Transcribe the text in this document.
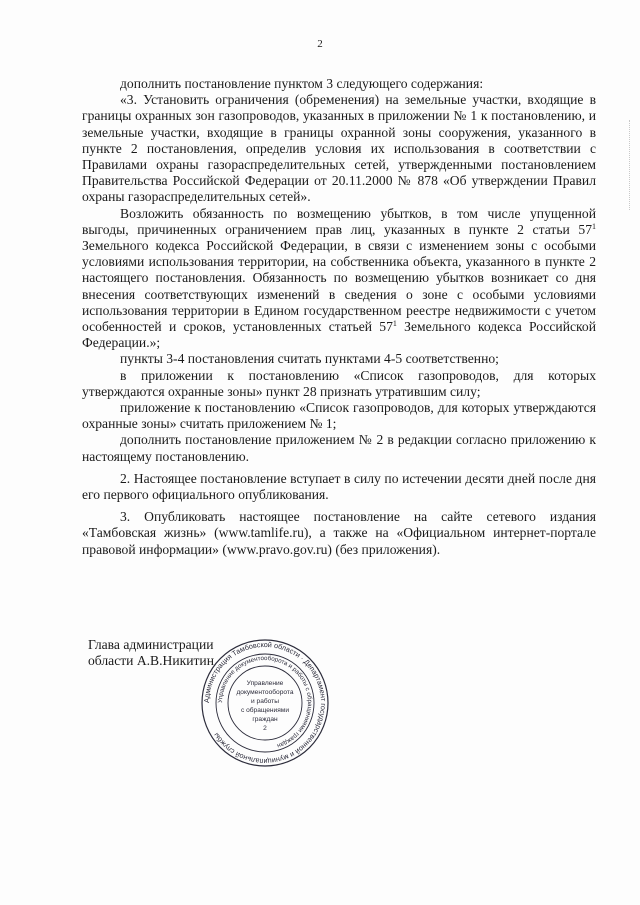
2

дополнить постановление пунктом 3 следующего содержания:

«3. Установить ограничения (обременения) на земельные участки, входящие в границы охранных зон газопроводов, указанных в приложении № 1 к постановлению, и земельные участки, входящие в границы охранной зоны сооружения, указанного в пункте 2 постановления, определив условия их использования в соответствии с Правилами охраны газораспределительных сетей, утвержденными постановлением Правительства Российской Федерации от 20.11.2000 № 878 «Об утверждении Правил охраны газораспределительных сетей».

Возложить обязанность по возмещению убытков, в том числе упущенной выгоды, причиненных ограничением прав лиц, указанных в пункте 2 статьи $57^1$ Земельного кодекса Российской Федерации, в связи с изменением зоны с особыми условиями использования территории, на собственника объекта, указанного в пункте 2 настоящего постановления. Обязанность по возмещению убытков возникает со дня внесения соответствующих изменений в сведения о зоне с особыми условиями использования территории в Едином государственном реестре недвижимости с учетом особенностей и сроков, установленных статьей $57^1$ Земельного кодекса Российской Федерации.»;

пункты 3-4 постановления считать пунктами 4-5 соответственно;

в приложении к постановлению «Список газопроводов, для которых утверждаются охранные зоны» пункт 28 признать утратившим силу;

приложение к постановлению «Список газопроводов, для которых утверждаются охранные зоны» считать приложением № 1;

дополнить постановление приложением № 2 в редакции согласно приложению к настоящему постановлению.

2. Настоящее постановление вступает в силу по истечении десяти дней после дня его первого официального опубликования.

3. Опубликовать настоящее постановление на сайте сетевого издания «Тамбовская жизнь» (www.tamlife.ru), а также на «Официальном интернет-портале правовой информации» (www.pravo.gov.ru) (без приложения).

Глава администрации
области А.В.Никитин
Администрация Тамбовской области · Департамент государственной и муниципальной службы
Управление документооборота и работы с обращениями граждан
Управление
документооборота
и работы
с обращениями
граждан
2
